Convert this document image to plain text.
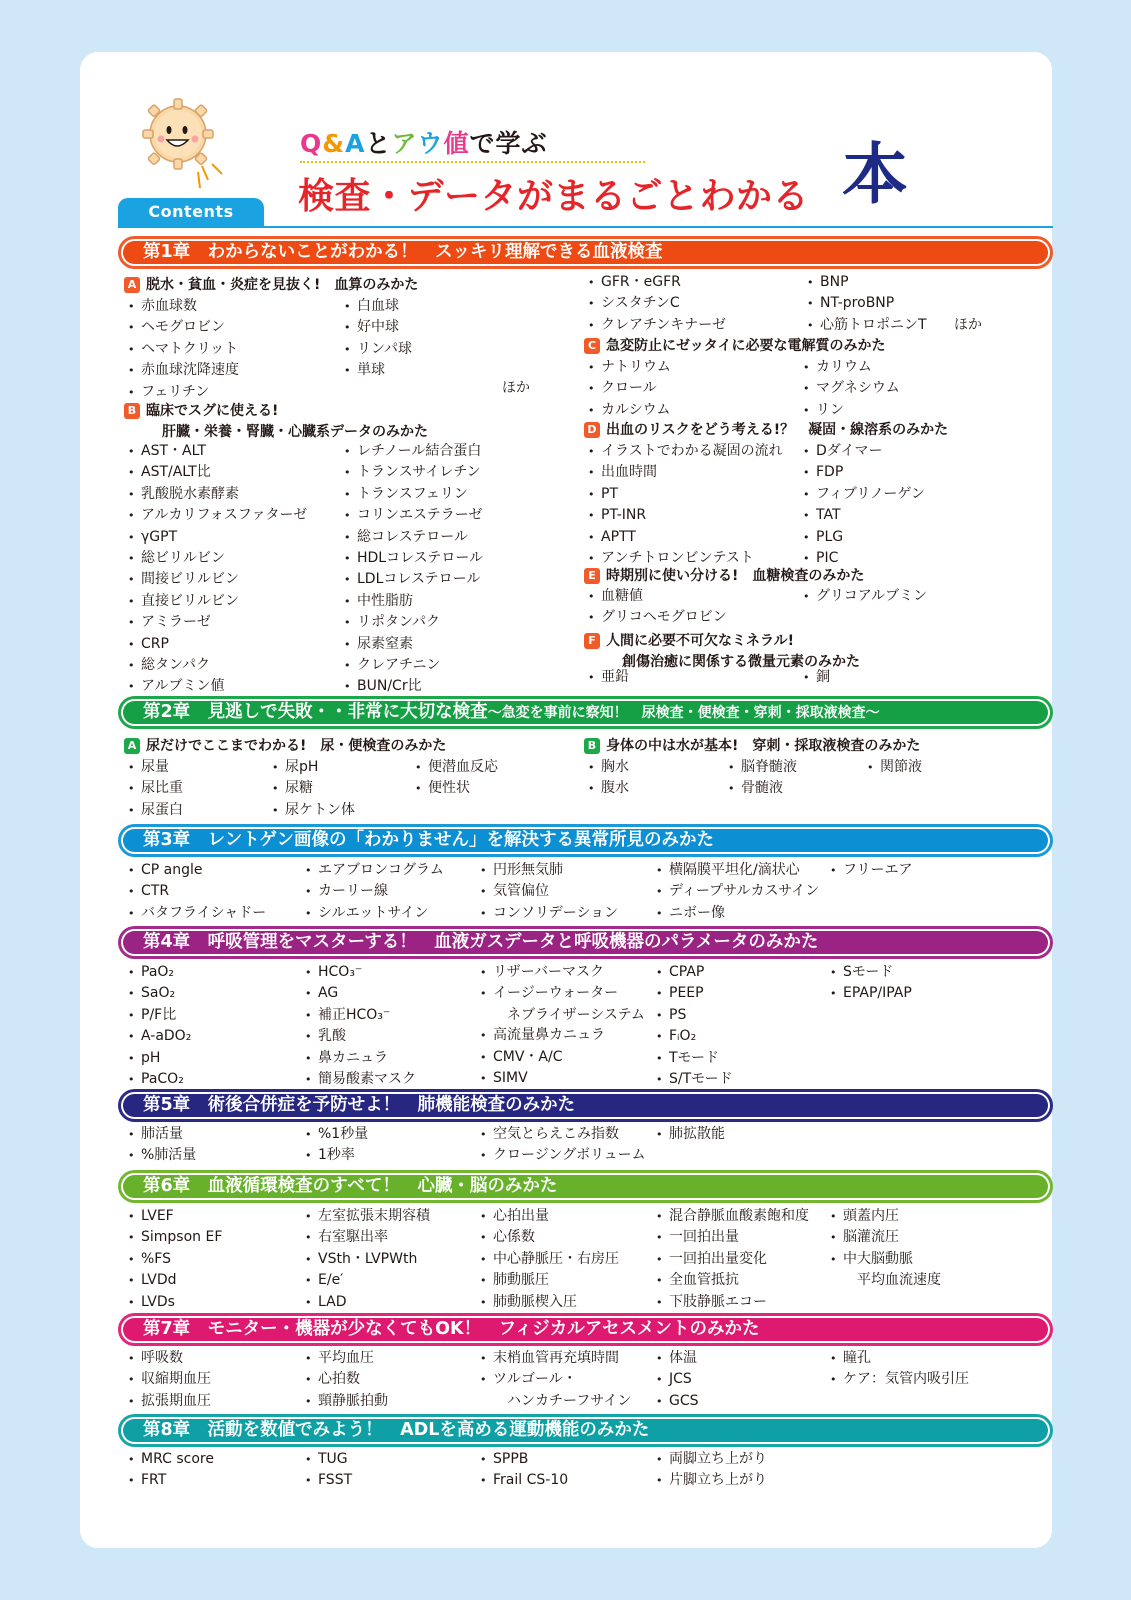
Q&Aとアウ値で学ぶ
検査・データがまるごとわかる 本
Contents
第1章　わからないことがわかる！　スッキリ理解できる血液検査
A 脱水・貧血・炎症を見抜く!　血算のみかた
• 赤血球数
• ヘモグロビン
• ヘマトクリット
• 赤血球沈降速度
• フェリチン
• 白血球
• 好中球
• リンパ球
• 単球
ほか
B 臨床でスグに使える!
肝臓・栄養・腎臓・心臓系データのみかた
• AST・ALT
• AST/ALT比
• 乳酸脱水素酵素
• アルカリフォスファターゼ
• γGPT
• 総ビリルビン
• 間接ビリルビン
• 直接ビリルビン
• アミラーゼ
• CRP
• 総タンパク
• アルブミン値
• レチノール結合蛋白
• トランスサイレチン
• トランスフェリン
• コリンエステラーゼ
• 総コレステロール
• HDLコレステロール
• LDLコレステロール
• 中性脂肪
• リポタンパク
• 尿素窒素
• クレアチニン
• BUN/Cr比
• GFR・eGFR
• シスタチンC
• クレアチンキナーゼ
• BNP
• NT-proBNP
• 心筋トロポニンT ほか
C 急変防止にゼッタイに必要な電解質のみかた
• ナトリウム
• クロール
• カルシウム
• カリウム
• マグネシウム
• リン
D 出血のリスクをどう考える!？　凝固・線溶系のみかた
• イラストでわかる凝固の流れ
• 出血時間
• PT
• PT-INR
• APTT
• アンチトロンビンテスト
• Dダイマー
• FDP
• フィブリノーゲン
• TAT
• PLG
• PIC
E 時期別に使い分ける!　血糖検査のみかた
• 血糖値
• グリコヘモグロビン
• グリコアルブミン
F 人間に必要不可欠なミネラル!
創傷治癒に関係する微量元素のみかた
• 亜鉛
•	銅
第2章　見逃しで失敗・・非常に大切な検査～急変を事前に察知！　尿検査・便検査・穿刺・採取液検査～
A 尿だけでここまでわかる!　尿・便検査のみかた
• 尿量
• 尿比重
• 尿蛋白
• 尿pH
• 尿糖
• 尿ケトン体
• 便潜血反応
• 便性状
B 身体の中は水が基本!　穿刺・採取液検査のみかた
• 胸水
• 腹水
• 脳脊髄液
• 骨髄液
• 関節液
第3章　レントゲン画像の「わかりません」を解決する異常所見のみかた
• CP angle
• CTR
• バタフライシャドー
• エアブロンコグラム
• カーリー線
• シルエットサイン
• 円形無気肺
• 気管偏位
• コンソリデーション
• 横隔膜平坦化/滴状心
• ディープサルカスサイン
• ニボー像
• フリーエア
第4章　呼吸管理をマスターする！　血液ガスデータと呼吸機器のパラメータのみかた
• PaO₂
• SaO₂
• P/F比
• A-aDO₂
• pH
• PaCO₂
• HCO₃⁻
• AG
• 補正HCO₃⁻
• 乳酸
• 鼻カニュラ
• 簡易酸素マスク
• リザーバーマスク
• イージーウォーター
ネブライザーシステム
• 高流量鼻カニュラ
• CMV・A/C
• SIMV
• CPAP
• PEEP
• PS
• FᵢO₂
• Tモード
• S/Tモード
• Sモード
• EPAP/IPAP
第5章　術後合併症を予防せよ！　肺機能検査のみかた
• 肺活量
• %肺活量
• %1秒量
• 1秒率
• 空気とらえこみ指数
• クロージングボリューム
• 肺拡散能
第6章　血液循環検査のすべて！　心臓・脳のみかた
• LVEF
• Simpson EF
• %FS
• LVDd
• LVDs
• 左室拡張末期容積
• 右室駆出率
• VSth・LVPWth
• E/e′
• LAD
• 心拍出量
• 心係数
• 中心静脈圧・右房圧
• 肺動脈圧
• 肺動脈楔入圧
• 混合静脈血酸素飽和度
• 一回拍出量
• 一回拍出量変化
• 全血管抵抗
• 下肢静脈エコー
• 頭蓋内圧
• 脳灌流圧
• 中大脳動脈
平均血流速度
第7章　モニター・機器が少なくてもOK！　フィジカルアセスメントのみかた
• 呼吸数
• 収縮期血圧
• 拡張期血圧
• 平均血圧
• 心拍数
• 頸静脈拍動
• 末梢血管再充填時間
• ツルゴール・
ハンカチーフサイン
• 体温
• JCS
• GCS
• 瞳孔
• ケア：気管内吸引圧
第8章　活動を数値でみよう！　ADLを高める運動機能のみかた
• MRC score
• FRT
• TUG
• FSST
• SPPB
• Frail CS-10
• 両脚立ち上がり
• 片脚立ち上がり
